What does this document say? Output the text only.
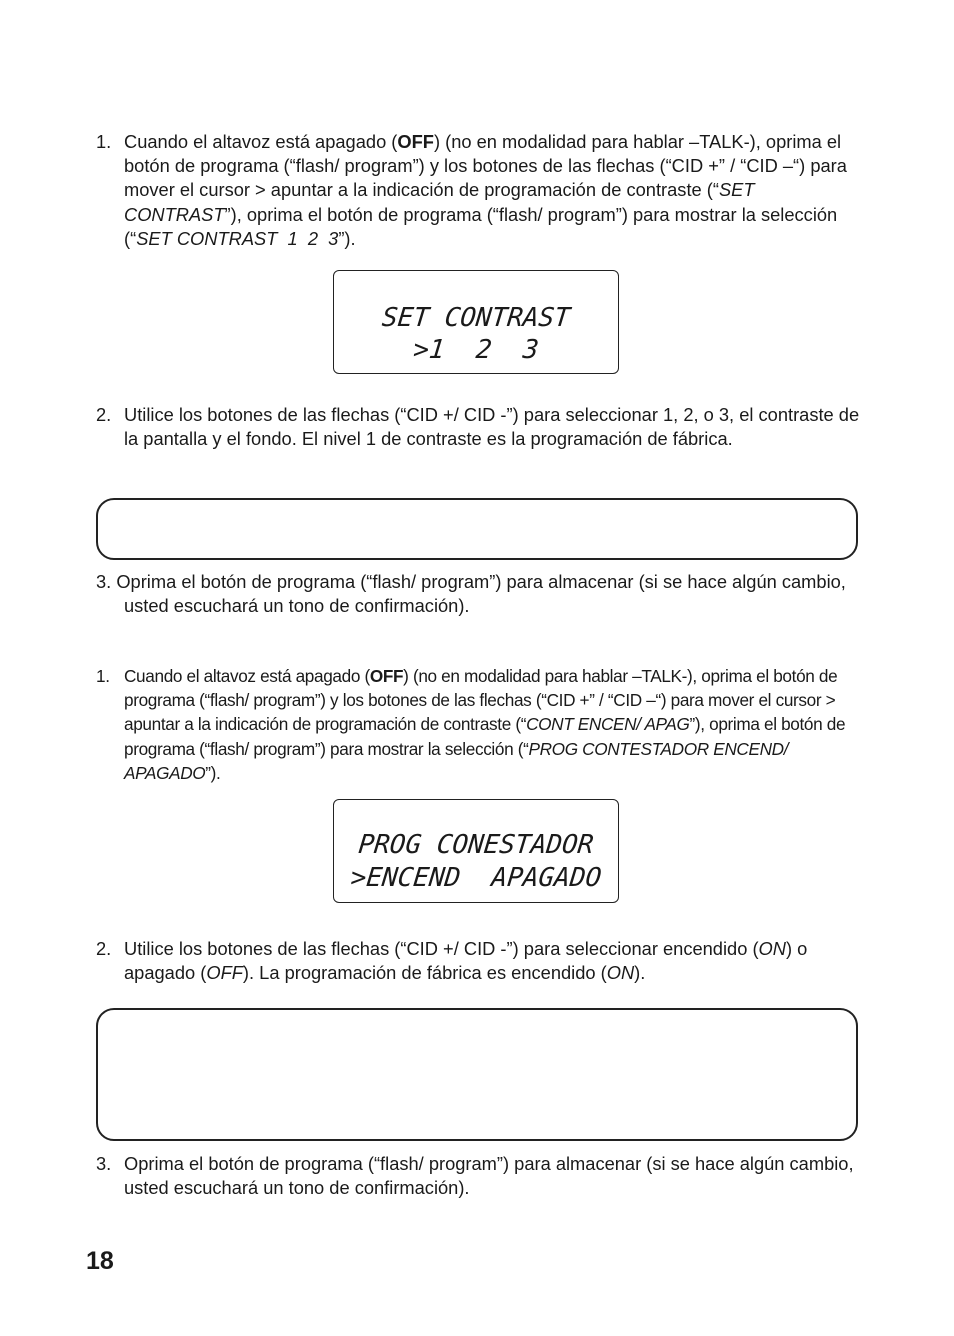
1. Cuando el altavoz está apagado (OFF) (no en modalidad para hablar –TALK-), oprima el botón de programa (“flash/ program”) y los botones de las flechas (“CID +” / “CID –“) para mover el cursor > apuntar a la indicación de programación de contraste (“SET CONTRAST”), oprima el botón de programa (“flash/ program”) para mostrar la selección (“SET CONTRAST  1  2  3”).
SET CONTRAST
>1  2  3
2. Utilice los botones de las flechas (“CID +/ CID -”) para seleccionar 1, 2, o 3, el contraste de la pantalla y el fondo. El nivel 1 de contraste es la programación de fábrica.
3. Oprima el botón de programa (“flash/ program”) para almacenar (si se hace algún cambio, usted escuchará un tono de confirmación).
1. Cuando el altavoz está apagado (OFF) (no en modalidad para hablar –TALK-), oprima el botón de programa (“flash/ program”) y los botones de las flechas (“CID +” / “CID –“) para mover el cursor > apuntar a la indicación de programación de contraste (“CONT ENCEN/ APAG”), oprima el botón de programa (“flash/ program”) para mostrar la selección (“PROG CONTESTADOR ENCEND/ APAGADO”).
PROG CONESTADOR
>ENCEND  APAGADO
2. Utilice los botones de las flechas (“CID +/ CID -”) para seleccionar encendido (ON) o apagado (OFF). La programación de fábrica es encendido (ON).
3. Oprima el botón de programa (“flash/ program”) para almacenar (si se hace algún cambio, usted escuchará un tono de confirmación).
18
